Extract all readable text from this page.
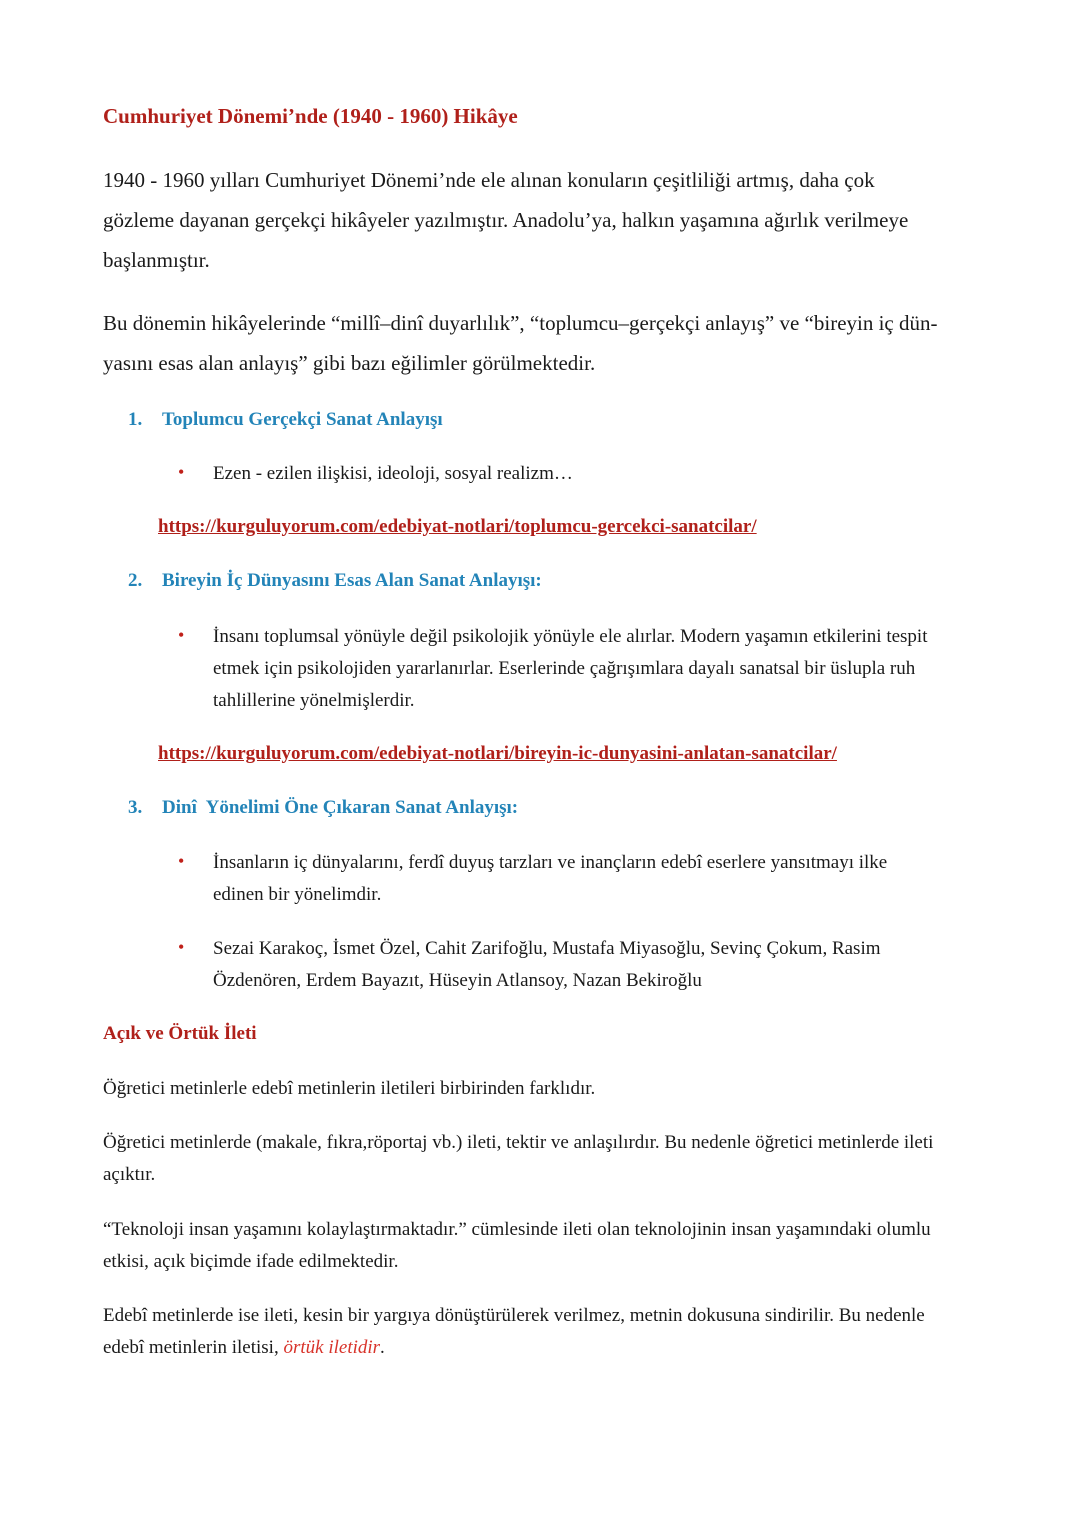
Cumhuriyet Dönemi’nde (1940 - 1960) Hikâye
1940 - 1960 yılları Cumhuriyet Dönemi’nde ele alınan konuların çeşitliliği artmış, daha çok
gözleme dayanan gerçekçi hikâyeler yazılmıştır. Anadolu’ya, halkın yaşamına ağırlık verilmeye
başlanmıştır.
Bu dönemin hikâyelerinde “millî–dinî duyarlılık”, “toplumcu–gerçekçi anlayış” ve “bireyin iç dün-
yasını esas alan anlayış” gibi bazı eğilimler görülmektedir.
1. Toplumcu Gerçekçi Sanat Anlayışı
• Ezen - ezilen ilişkisi, ideoloji, sosyal realizm…
https://kurguluyorum.com/edebiyat-notlari/toplumcu-gercekci-sanatcilar/
2. Bireyin İç Dünyasını Esas Alan Sanat Anlayışı:
• İnsanı toplumsal yönüyle değil psikolojik yönüyle ele alırlar. Modern yaşamın etkilerini tespit
etmek için psikolojiden yararlanırlar. Eserlerinde çağrışımlara dayalı sanatsal bir üslupla ruh
tahlillerine yönelmişlerdir.
https://kurguluyorum.com/edebiyat-notlari/bireyin-ic-dunyasini-anlatan-sanatcilar/
3. Dinî  Yönelimi Öne Çıkaran Sanat Anlayışı:
• İnsanların iç dünyalarını, ferdî duyuş tarzları ve inançların edebî eserlere yansıtmayı ilke
edinen bir yönelimdir.
• Sezai Karakoç, İsmet Özel, Cahit Zarifoğlu, Mustafa Miyasoğlu, Sevinç Çokum, Rasim
Özdenören, Erdem Bayazıt, Hüseyin Atlansoy, Nazan Bekiroğlu
Açık ve Örtük İleti
Öğretici metinlerle edebî metinlerin iletileri birbirinden farklıdır.
Öğretici metinlerde (makale, fıkra,röportaj vb.) ileti, tektir ve anlaşılırdır. Bu nedenle öğretici metinlerde ileti
açıktır.
“Teknoloji insan yaşamını kolaylaştırmaktadır.” cümlesinde ileti olan teknolojinin insan yaşamındaki olumlu
etkisi, açık biçimde ifade edilmektedir.
Edebî metinlerde ise ileti, kesin bir yargıya dönüştürülerek verilmez, metnin dokusuna sindirilir. Bu nedenle
edebî metinlerin iletisi, örtük iletidir.
